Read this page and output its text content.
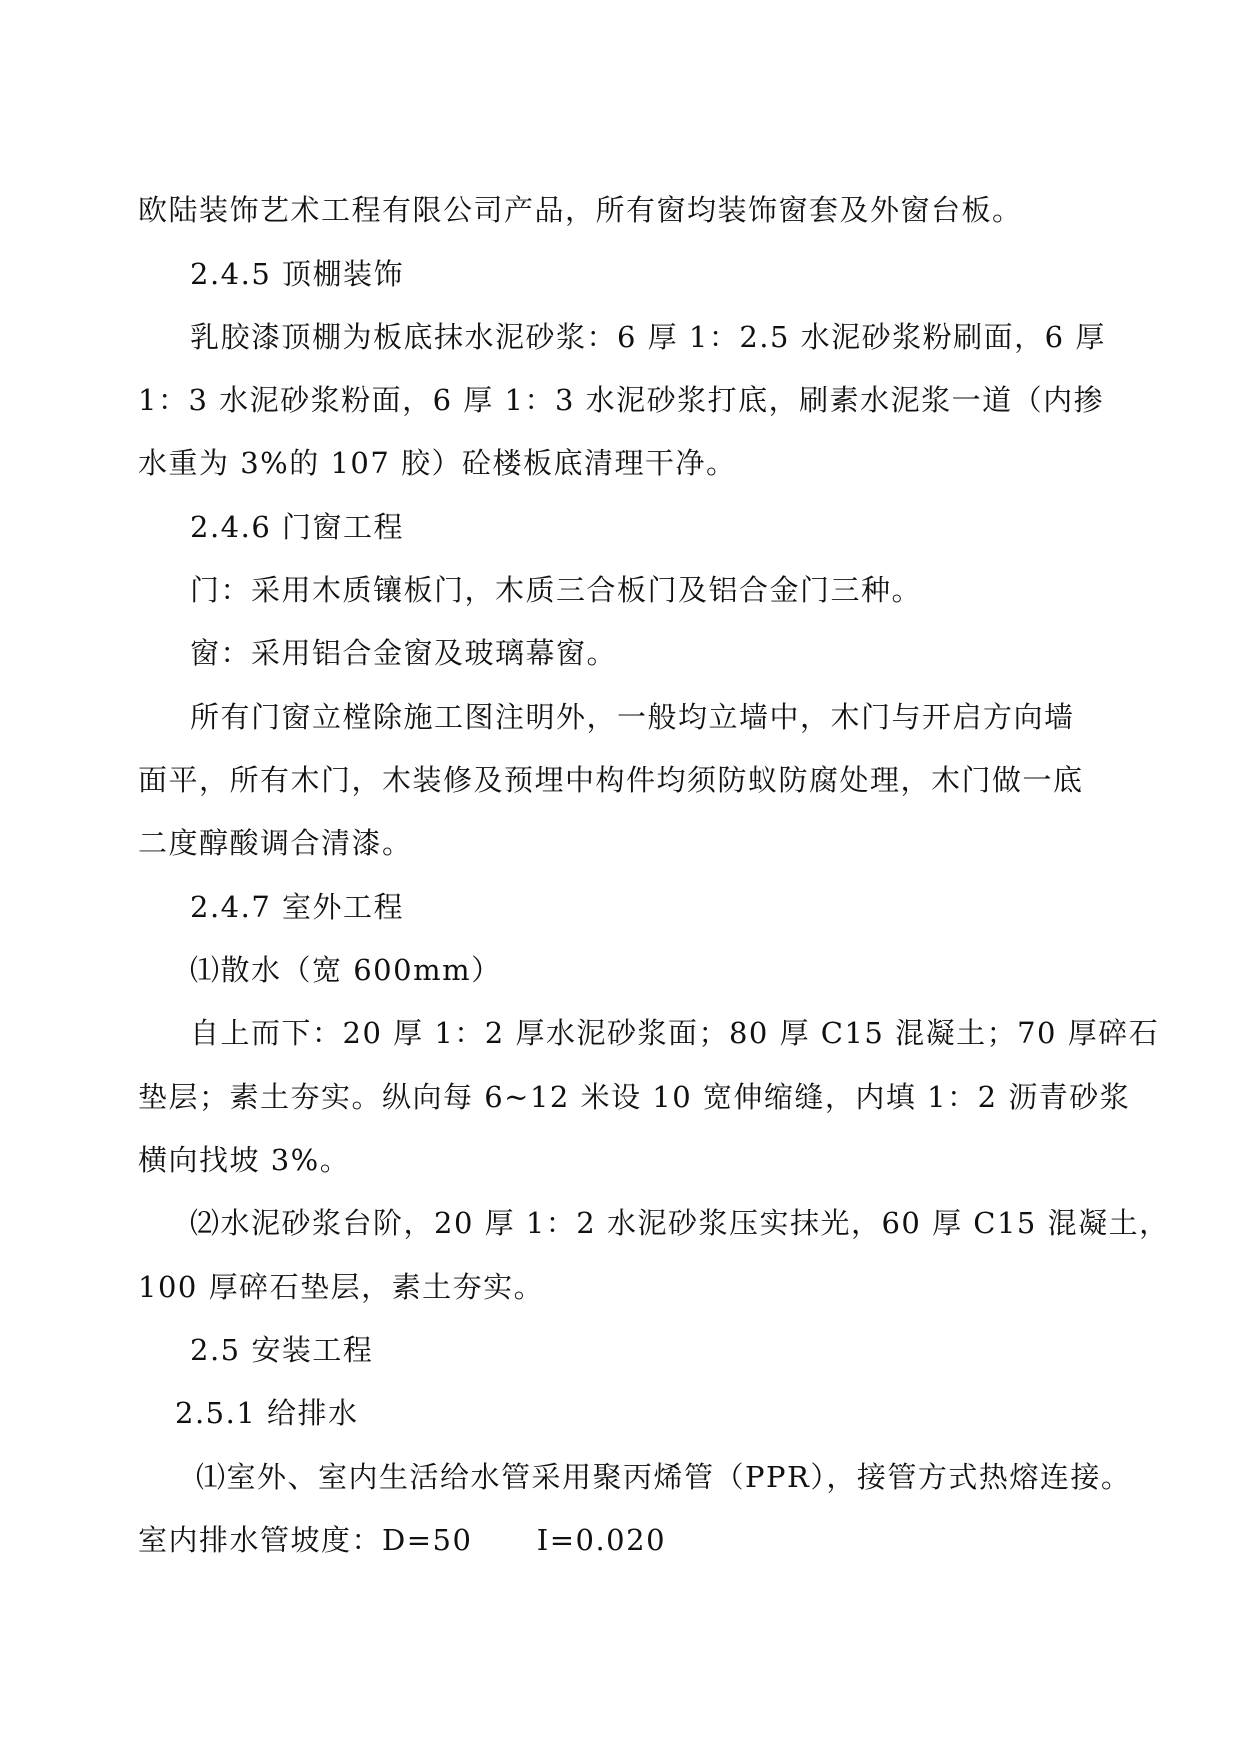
欧陆装饰艺术工程有限公司产品，所有窗均装饰窗套及外窗台板。
2.4.5 顶棚装饰
乳胶漆顶棚为板底抹水泥砂浆：6 厚 1：2.5 水泥砂浆粉刷面，6 厚
1：3 水泥砂浆粉面，6 厚 1：3 水泥砂浆打底，刷素水泥浆一道（内掺
水重为 3%的 107 胶）砼楼板底清理干净。
2.4.6 门窗工程
门：采用木质镶板门，木质三合板门及铝合金门三种。
窗：采用铝合金窗及玻璃幕窗。
所有门窗立樘除施工图注明外，一般均立墙中，木门与开启方向墙
面平，所有木门，木装修及预埋中构件均须防蚁防腐处理，木门做一底
二度醇酸调合清漆。
2.4.7 室外工程
⑴散水（宽 600mm）
自上而下：20 厚 1：2 厚水泥砂浆面；80 厚 C15 混凝土；70 厚碎石
垫层；素土夯实。纵向每 6~12 米设 10 宽伸缩缝，内填 1：2 沥青砂浆
横向找坡 3%。
⑵水泥砂浆台阶，20 厚 1：2 水泥砂浆压实抹光，60 厚 C15 混凝土，
100 厚碎石垫层，素土夯实。
2.5 安装工程
2.5.1 给排水
⑴室外、室内生活给水管采用聚丙烯管（PPR），接管方式热熔连接。
室内排水管坡度：D=50      I=0.020
